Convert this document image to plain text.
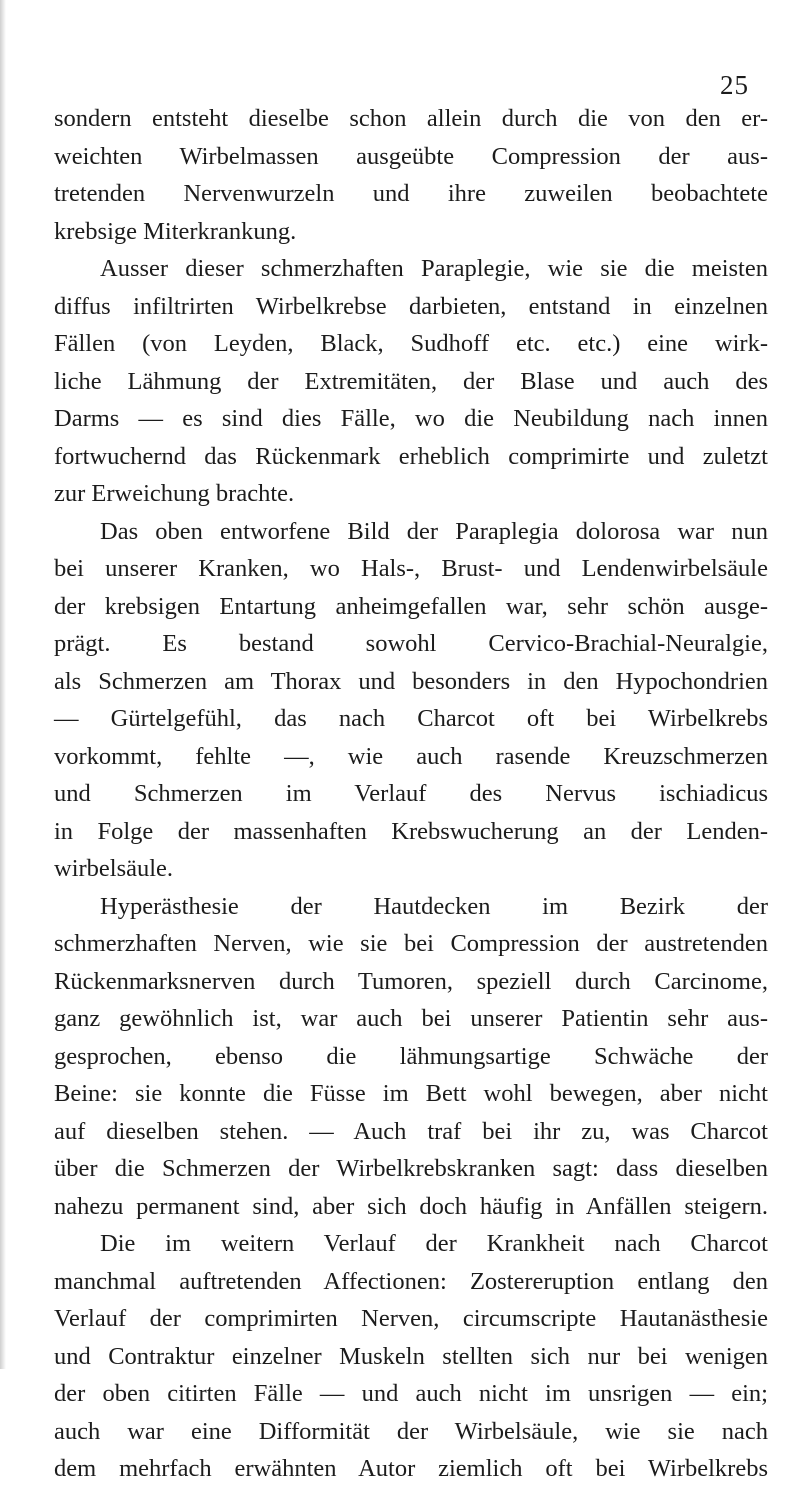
25
sondern entsteht dieselbe schon allein durch die von den er-
weichten Wirbelmassen ausgeübte Compression der aus-
tretenden Nervenwurzeln und ihre zuweilen beobachtete
krebsige Miterkrankung.
Ausser dieser schmerzhaften Paraplegie, wie sie die meisten
diffus infiltrirten Wirbelkrebse darbieten, entstand in einzelnen
Fällen (von Leyden, Black, Sudhoff etc. etc.) eine wirk-
liche Lähmung der Extremitäten, der Blase und auch des
Darms — es sind dies Fälle, wo die Neubildung nach innen
fortwuchernd das Rückenmark erheblich comprimirte und zuletzt
zur Erweichung brachte.
Das oben entworfene Bild der Paraplegia dolorosa war nun
bei unserer Kranken, wo Hals-, Brust- und Lendenwirbelsäule
der krebsigen Entartung anheimgefallen war, sehr schön ausge-
prägt. Es bestand sowohl Cervico-Brachial-Neuralgie,
als Schmerzen am Thorax und besonders in den Hypochondrien
— Gürtelgefühl, das nach Charcot oft bei Wirbelkrebs
vorkommt, fehlte —, wie auch rasende Kreuzschmerzen
und Schmerzen im Verlauf des Nervus ischiadicus
in Folge der massenhaften Krebswucherung an der Lenden-
wirbelsäule.
Hyperästhesie der Hautdecken im Bezirk der
schmerzhaften Nerven, wie sie bei Compression der austretenden
Rückenmarksnerven durch Tumoren, speziell durch Carcinome,
ganz gewöhnlich ist, war auch bei unserer Patientin sehr aus-
gesprochen, ebenso die lähmungsartige Schwäche der
Beine: sie konnte die Füsse im Bett wohl bewegen, aber nicht
auf dieselben stehen. — Auch traf bei ihr zu, was Charcot
über die Schmerzen der Wirbelkrebskranken sagt: dass dieselben
nahezu permanent sind, aber sich doch häufig in Anfällen steigern.
Die im weitern Verlauf der Krankheit nach Charcot
manchmal auftretenden Affectionen: Zostereruption entlang den
Verlauf der comprimirten Nerven, circumscripte Hautanästhesie
und Contraktur einzelner Muskeln stellten sich nur bei wenigen
der oben citirten Fälle — und auch nicht im unsrigen — ein;
auch war eine Difformität der Wirbelsäule, wie sie nach
dem mehrfach erwähnten Autor ziemlich oft bei Wirbelkrebs
